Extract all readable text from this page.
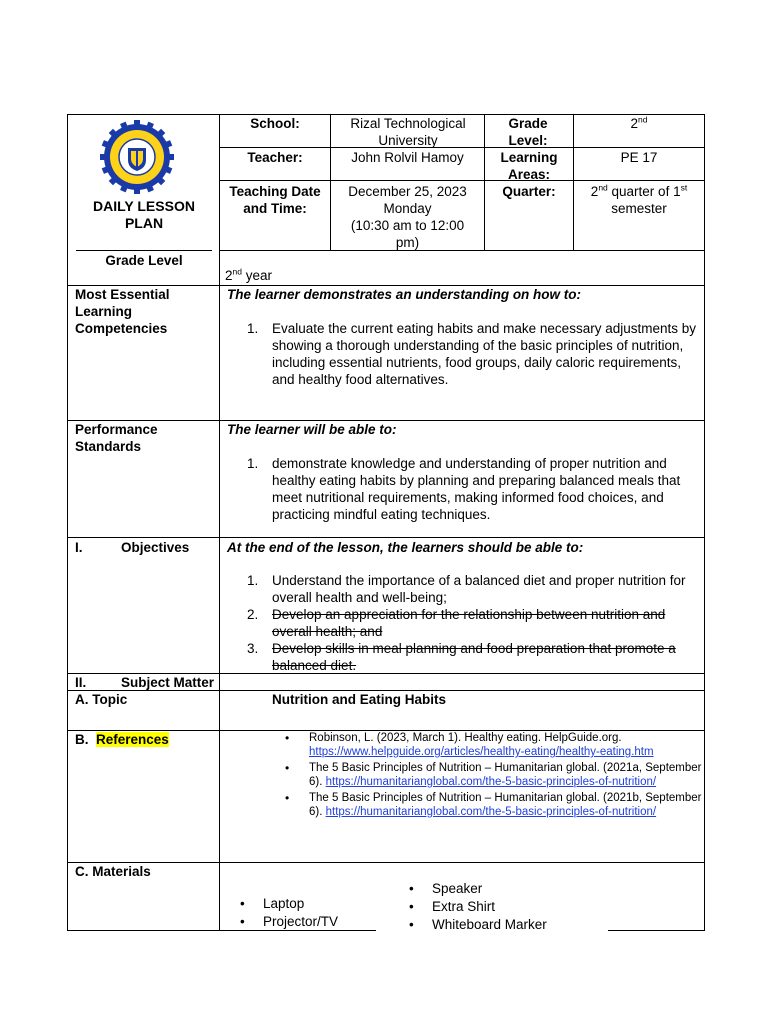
DAILY LESSON PLAN
Grade Level
School:	Rizal Technological University
Grade Level:
2nd
Teacher:	John Rolvil Hamoy	Learning Areas:
PE 17
Teaching Date and Time:
December 25, 2023
Monday
(10:30 am to 12:00 pm)
Quarter:	2nd quarter of 1st
semester
2nd year
Most Essential Learning Competencies
The learner demonstrates an understanding on how to:
1. Evaluate the current eating habits and make necessary adjustments by showing a thorough understanding of the basic principles of nutrition, including essential nutrients, food groups, daily caloric requirements, and healthy food alternatives.
Performance Standards
The learner will be able to:
1. demonstrate knowledge and understanding of proper nutrition and healthy eating habits by planning and preparing balanced meals that meet nutritional requirements, making informed food choices, and practicing mindful eating techniques.
I.	Objectives	At the end of the lesson, the learners should be able to:
1. Understand the importance of a balanced diet and proper nutrition for overall health and well-being;
2. Develop an appreciation for the relationship between nutrition and overall health; and
3. Develop skills in meal planning and food preparation that promote a balanced diet.
II.	Subject Matter
A. Topic	Nutrition and Eating Habits
B. References
•	Robinson, L. (2023, March 1). Healthy eating. HelpGuide.org. https://www.helpguide.org/articles/healthy-eating/healthy-eating.htm
• The 5 Basic Principles of Nutrition – Humanitarian global. (2021a, September 6). https://humanitarianglobal.com/the-5-basic-principles-of-nutrition/
• The 5 Basic Principles of Nutrition – Humanitarian global. (2021b, September 6). https://humanitarianglobal.com/the-5-basic-principles-of-nutrition/
C. Materials
• Laptop
• Projector/TV
• Speaker
• Extra Shirt
• Whiteboard Marker
